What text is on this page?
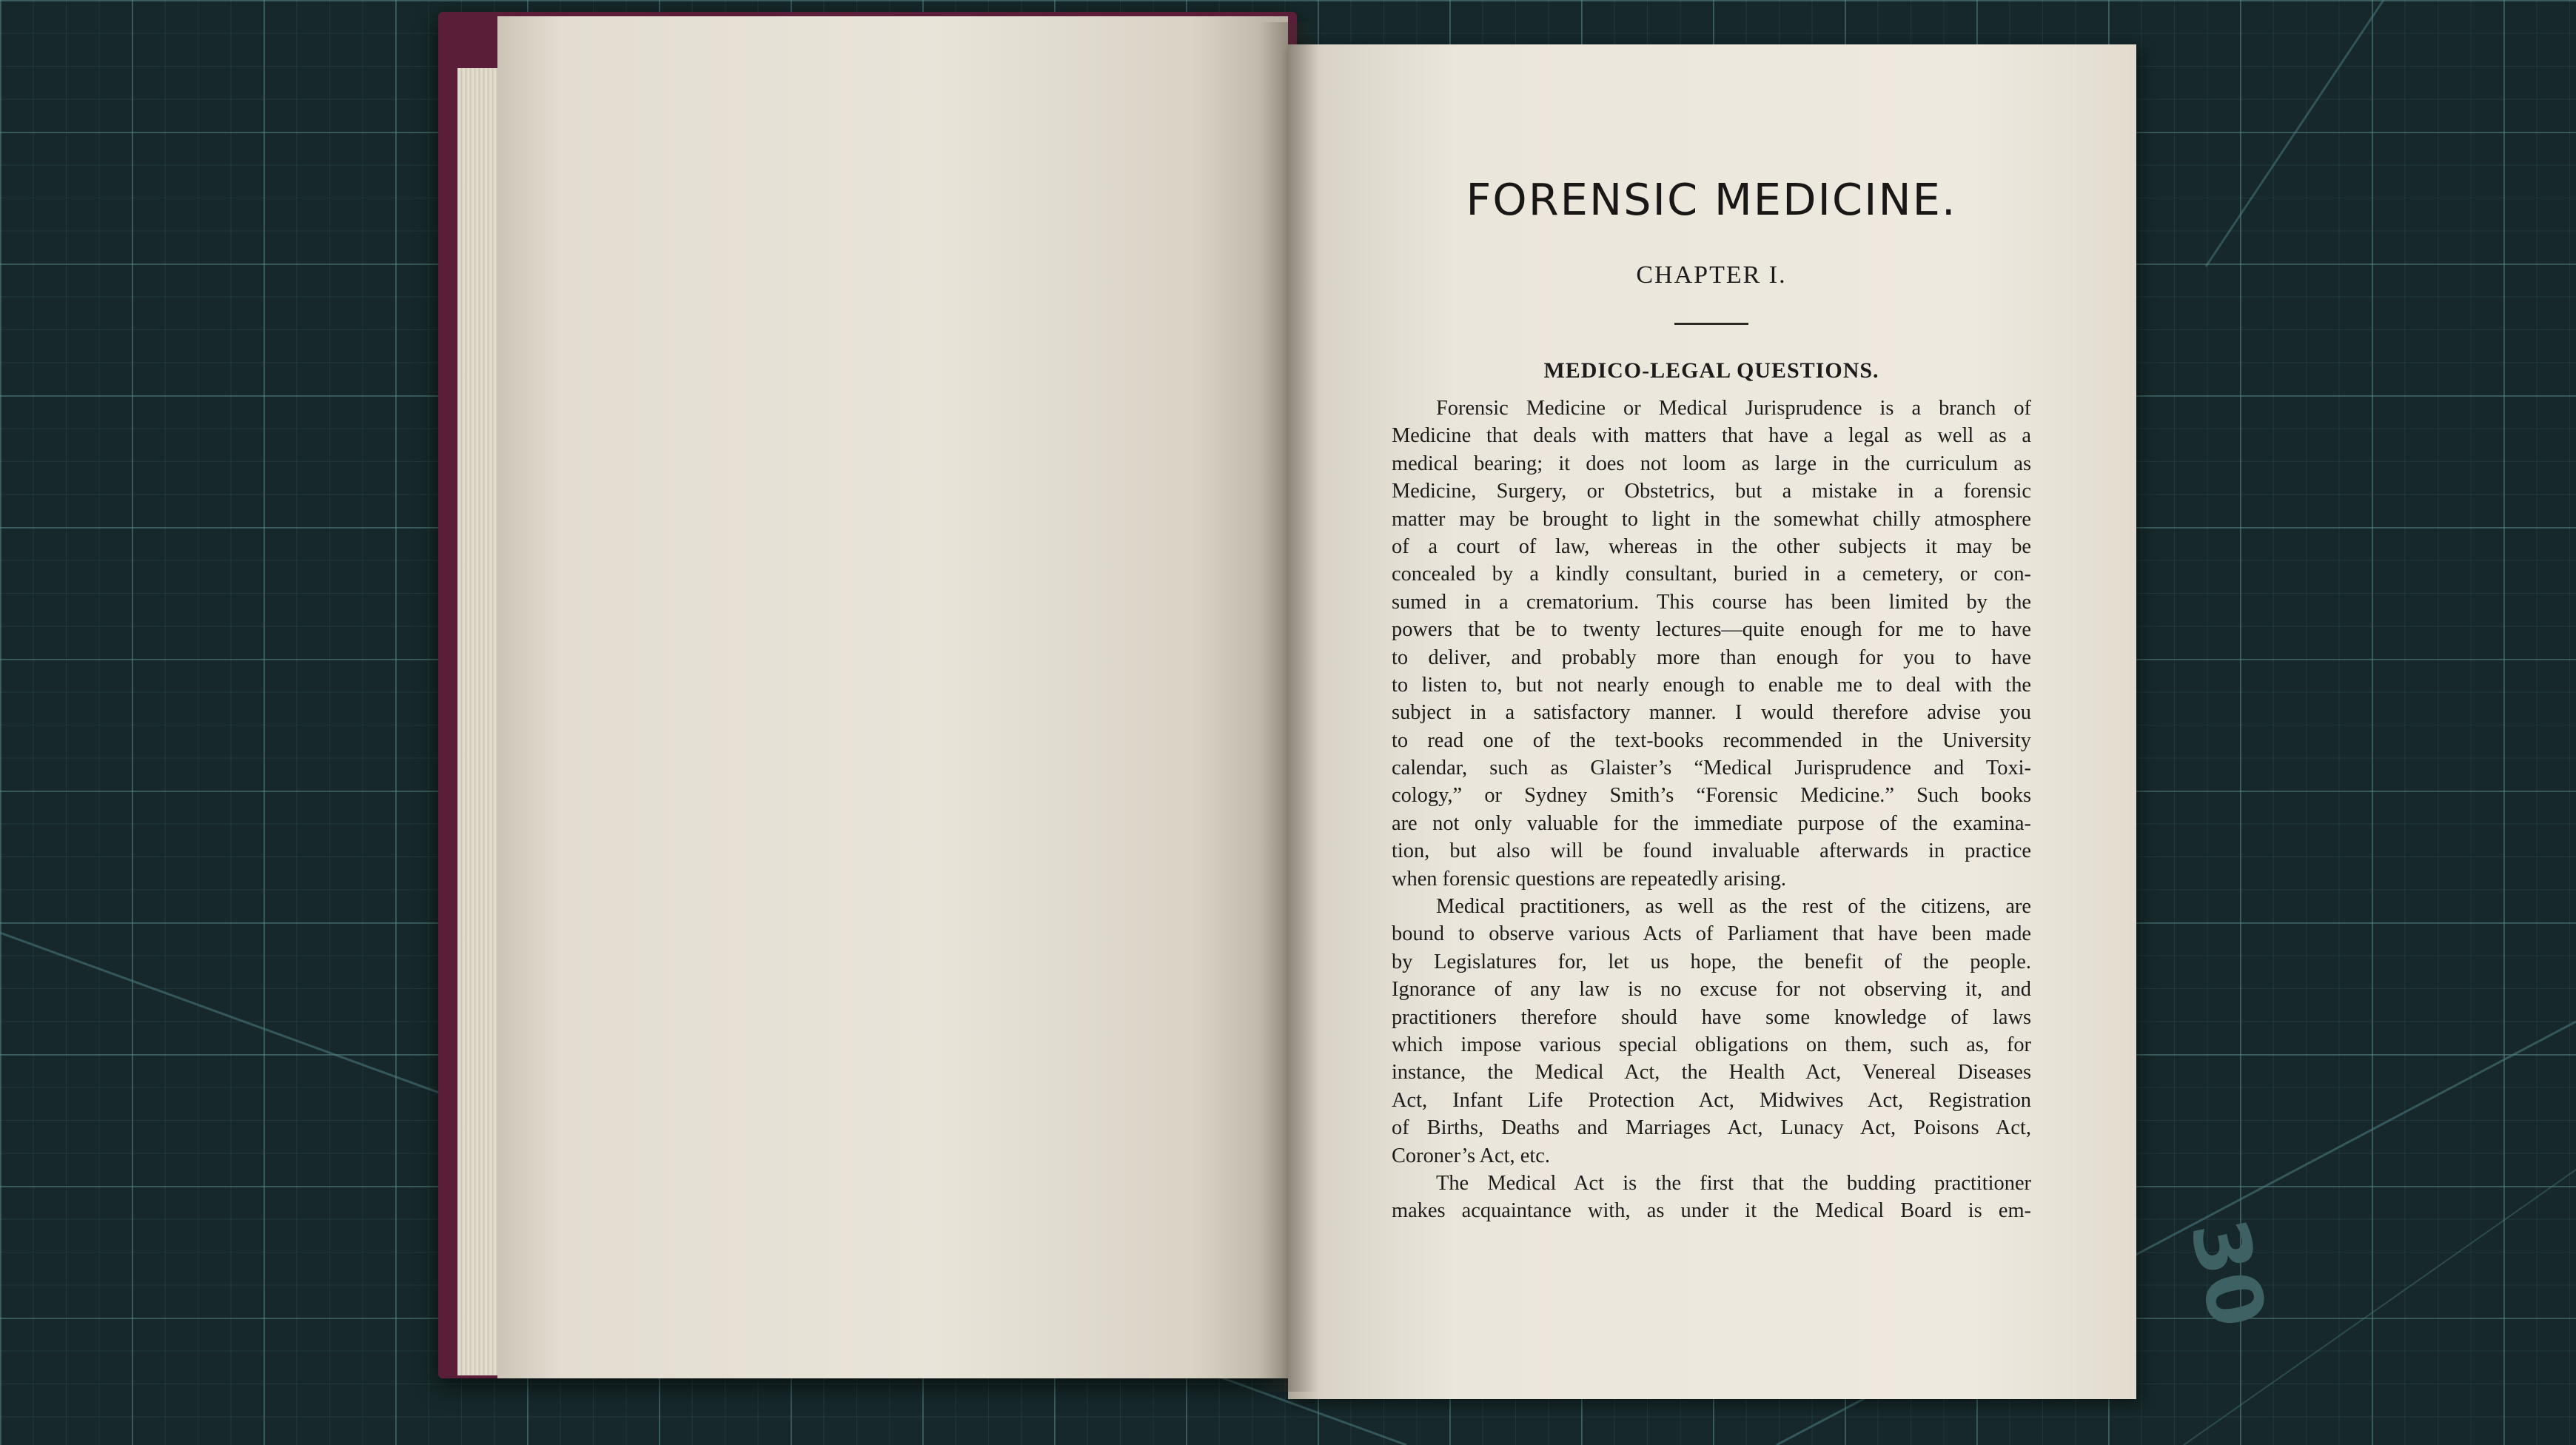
30
FORENSIC MEDICINE.
CHAPTER I.
MEDICO-LEGAL QUESTIONS.
Forensic Medicine or Medical Jurisprudence is a branch of
Medicine that deals with matters that have a legal as well as a
medical bearing; it does not loom as large in the curriculum as
Medicine, Surgery, or Obstetrics, but a mistake in a forensic
matter may be brought to light in the somewhat chilly atmosphere
of a court of law, whereas in the other subjects it may be
concealed by a kindly consultant, buried in a cemetery, or con-
sumed in a crematorium. This course has been limited by the
powers that be to twenty lectures—quite enough for me to have
to deliver, and probably more than enough for you to have
to listen to, but not nearly enough to enable me to deal with the
subject in a satisfactory manner. I would therefore advise you
to read one of the text-books recommended in the University
calendar, such as Glaister’s “Medical Jurisprudence and Toxi-
cology,” or Sydney Smith’s “Forensic Medicine.” Such books
are not only valuable for the immediate purpose of the examina-
tion, but also will be found invaluable afterwards in practice
when forensic questions are repeatedly arising.
Medical practitioners, as well as the rest of the citizens, are
bound to observe various Acts of Parliament that have been made
by Legislatures for, let us hope, the benefit of the people.
Ignorance of any law is no excuse for not observing it, and
practitioners therefore should have some knowledge of laws
which impose various special obligations on them, such as, for
instance, the Medical Act, the Health Act, Venereal Diseases
Act, Infant Life Protection Act, Midwives Act, Registration
of Births, Deaths and Marriages Act, Lunacy Act, Poisons Act,
Coroner’s Act, etc.
The Medical Act is the first that the budding practitioner
makes acquaintance with, as under it the Medical Board is em-
